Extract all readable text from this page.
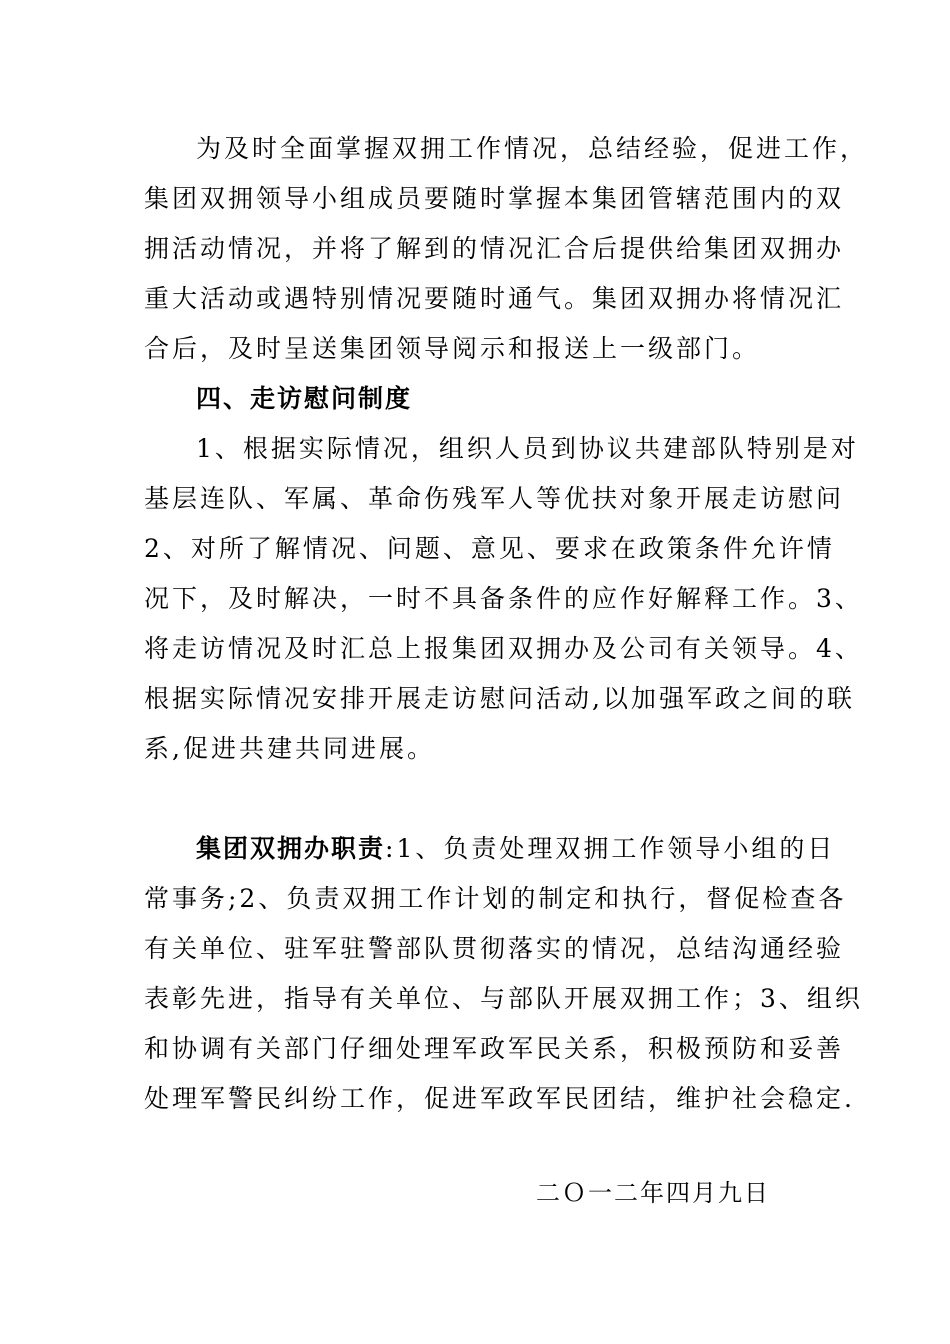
为及时全面掌握双拥工作情况，总结经验，促进工作，
集团双拥领导小组成员要随时掌握本集团管辖范围内的双
拥活动情况，并将了解到的情况汇合后提供给集团双拥办
重大活动或遇特别情况要随时通气。集团双拥办将情况汇
合后，及时呈送集团领导阅示和报送上一级部门。
四、走访慰问制度
1、根据实际情况，组织人员到协议共建部队特别是对
基层连队、军属、革命伤残军人等优扶对象开展走访慰问
2、对所了解情况、问题、意见、要求在政策条件允许情
况下，及时解决，一时不具备条件的应作好解释工作。3、
将走访情况及时汇总上报集团双拥办及公司有关领导。4、
根据实际情况安排开展走访慰问活动,以加强军政之间的联
系,促进共建共同进展。
集团双拥办职责:1、负责处理双拥工作领导小组的日
常事务;2、负责双拥工作计划的制定和执行，督促检查各
有关单位、驻军驻警部队贯彻落实的情况，总结沟通经验
表彰先进，指导有关单位、与部队开展双拥工作；3、组织
和协调有关部门仔细处理军政军民关系，积极预防和妥善
处理军警民纠纷工作，促进军政军民团结，维护社会稳定.
二Ｏ一二年四月九日
